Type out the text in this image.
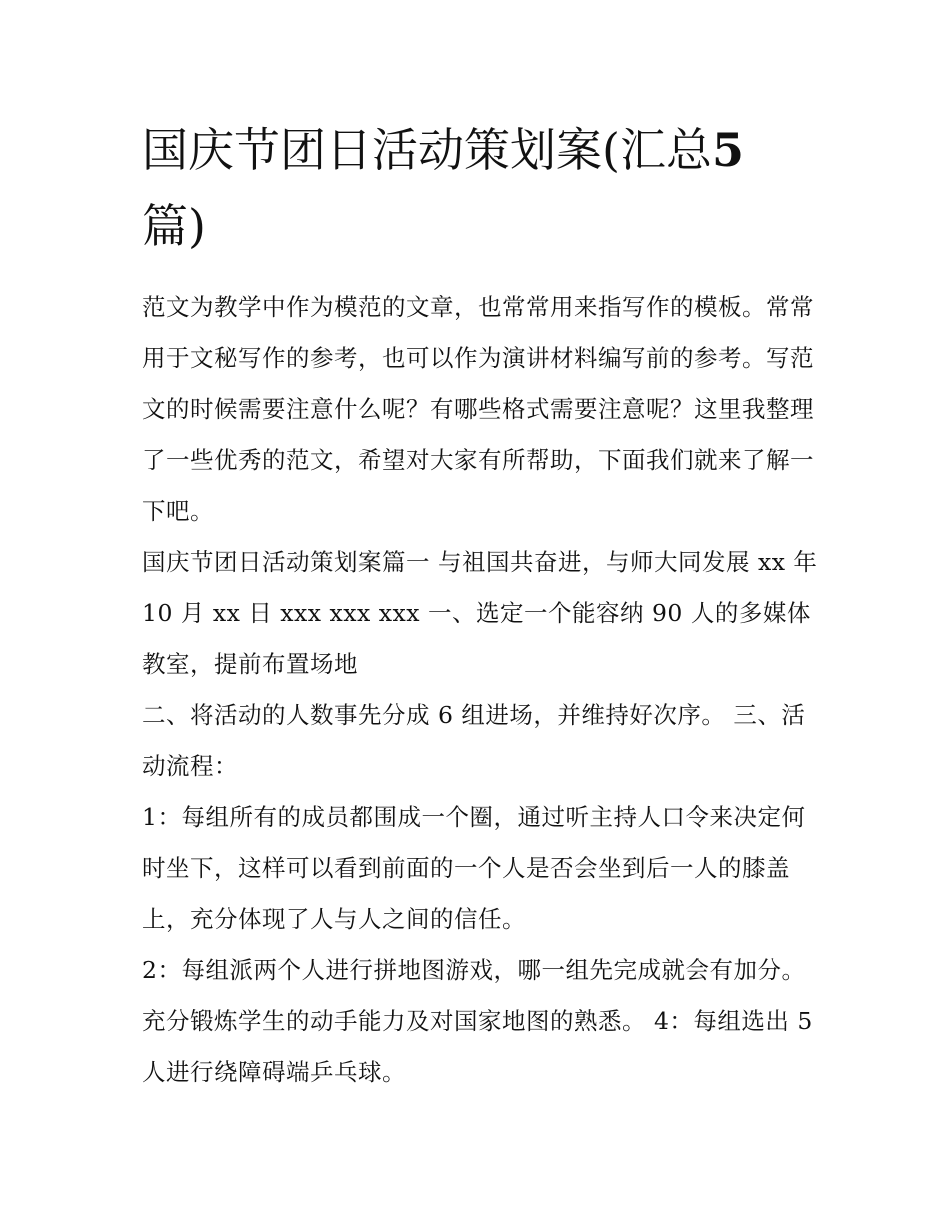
国庆节团日活动策划案(汇总5
篇)

范文为教学中作为模范的文章，也常常用来指写作的模板。常常用于文秘写作的参考，也可以作为演讲材料编写前的参考。写范文的时候需要注意什么呢？有哪些格式需要注意呢？这里我整理了一些优秀的范文，希望对大家有所帮助，下面我们就来了解一下吧。

国庆节团日活动策划案篇一 与祖国共奋进，与师大同发展 xx 年 10 月 xx 日 xxx xxx xxx 一、选定一个能容纳 90 人的多媒体教室，提前布置场地

二、将活动的人数事先分成 6 组进场，并维持好次序。 三、活动流程：

1：每组所有的成员都围成一个圈，通过听主持人口令来决定何时坐下，这样可以看到前面的一个人是否会坐到后一人的膝盖上，充分体现了人与人之间的信任。

2：每组派两个人进行拼地图游戏，哪一组先完成就会有加分。充分锻炼学生的动手能力及对国家地图的熟悉。 4：每组选出 5 人进行绕障碍端乒乓球。
